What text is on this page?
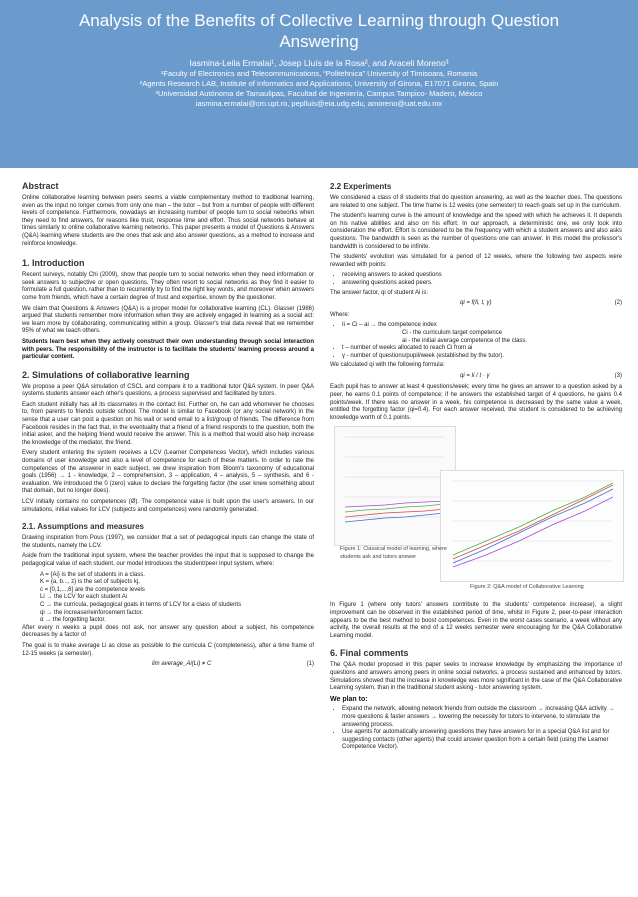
Analysis of the Benefits of Collective Learning through Question Answering
Iasmina-Leila Ermalai¹, Josep Lluís de la Rosa², and Araceli Moreno³
¹Faculty of Electronics and Telecommunications, “Politehnica” University of Timisoara, Romania
²Agents Research LAB, Institute of Informatics and Applications, University of Girona, E17071 Girona, Spain
³Universidad Autónoma de Tamaulipas, Facultad de Ingeniería, Campus Tampico- Madero, México
iasmina.ermalai@cm.upt.ro, peplluis@eia.udg.edu, amoreno@uat.edu.mx
Abstract

Online collaborative learning between peers seems a viable complementary method to traditional learning, even as the input no longer comes from only one man – the tutor – but from a number of people with different levels of competence. Furthermore, nowadays an increasing number of people turn to social networks when they need to find answers, for reasons like trust, response time and effort. Thus social networks behave at times similarly to online collaborative learning networks. This paper presents a model of Questions & Answers (Q&A) learning where students are the ones that ask and also answer questions, as a method to increase and reinforce knowledge.

1. Introduction

Recent surveys, notably Chi (2009), show that people turn to social networks when they need information or seek answers to subjective or open questions. They often resort to social networks as they find it easier to formulate a full question, rather than to recurrently try to find the right key words, and moreover when answers come from friends, which have a certain degree of trust and expertise, known by the questioner.

We claim that Questions & Answers (Q&A) is a proper model for collaborative learning (CL). Glasser (1986) argued that students remember more information when they are actively engaged in learning as a social act: we learn more by collaborating, communicating within a group. Glasser's trial data reveal that we remember 95% of what we teach others.

Students learn best when they actively construct their own understanding through social interaction with peers. The responsibility of the instructor is to facilitate the students' learning process around a particular content.

2. Simulations of collaborative learning

We propose a peer Q&A simulation of CSCL and compare it to a traditional tutor Q&A system. In peer Q&A systems students answer each other's questions, a process supervised and facilitated by tutors.

Each student initially has all its classmates in the contact list. Further on, he can add whomever he chooses to, from parents to friends outside school. The model is similar to Facebook (or any social network) in the sense that a user can post a question on his wall or send email to a list/group of friends. The difference from Facebook resides in the fact that, in the eventuality that a friend of a friend responds to the question, both the initial asker, and the helping friend would receive the answer. This is a method that would also help increase the knowledge of the mediator, the friend.

Every student entering the system receives a LCV (Learner Competences Vector), which includes various domains of user knowledge and also a level of competence for each of these matters. In order to rate the competences of the answerer in each subject, we drew inspiration from Bloom's taxonomy of educational goals (1956) → 1 - knowledge, 2 – comprehension, 3 – application, 4 – analysis, 5 – synthesis, and 6 - evaluation. We introduced the 0 (zero) value to declare the forgetting factor (the user knew something about that domain, but no longer does).

LCV initially contains no competences (Ø). The competence value is built upon the user's answers. In our simulations, initial values for LCV (subjects and competences) were randomly generated.

2.1. Assumptions and measures

Drawing inspiration from Pous (1997), we consider that a set of pedagogical inputs can change the state of the students, namely the LCV.

Aside from the traditional input system, where the teacher provides the input that is supposed to change the pedagogical value of each student, our model introduces the student/peer input system, where:

A = {Ai} is the set of students in a class.
K = {a, b..., z} is the set of subjects kj,
c = [0,1,...,6] are the competence levels
Li → the LCV for each student Ai
C → the curricula, pedagogical goals in terms of LCV for a class of students
qi → the increase/reinforcement factor.
α → the forgetting factor.

After every n weeks a pupil does not ask, nor answer any question about a subject, his competence decreases by a factor of

The goal is to make average Li as close as possible to the curricula C (completeness), after a time frame of 12-15 weeks (a semester).

lim average_Ai(Li) ≠ C	(1)
2.2 Experiments

We considered a class of 8 students that do question answering, as well as the teacher does. The questions are related to one subject. The time frame is 12 weeks (one semester) to reach goals set up in the curriculum.

The student's learning curve is the amount of knowledge and the speed with which he achieves it. It depends on his native abilities and also on his effort. In our approach, a deterministic one, we only took into consideration the effort. Effort is considered to be the frequency with which a student answers and also asks questions. The bandwidth is seen as the number of questions one can answer. In this model the professor's bandwidth is considered to be infinite.

The students' evolution was simulated for a period of 12 weeks, where the following two aspects were rewarded with points:

• receiving answers to asked questions
• answering questions asked peers.

The answer factor, qi of student Ai is:

qi = f(Ii, t, γ)	(2)

Where:

• Ii = Ci – ai → the competence index
Ci - the curriculum target competence
ai - the initial average competence of the class.
• t – number of weeks allocated to reach Ci from ai
• γ - number of questions/pupil/week (established by the tutor).

We calculated qi with the following formula:

qi = Ii / t · γ	(3)

Each pupil has to answer at least 4 questions/week; every time he gives an answer to a question asked by a peer, he earns 0.1 points of competence; if he answers the established target of 4 questions, he gains 0.4 points/week. If there was no answer in a week, his competence is decreased by the same value a week, entitled the forgetting factor (qi=0.4). For each answer received, the student is considered to be achieving knowledge worth of 0.1 points.

Figure 1: Classical model of learning, where students ask and tutors answer
Figure 2: Q&A model of Collaborative Learning

In Figure 1 (where only tutors' answers contribute to the students' competence increase), a slight improvement can be observed in the established period of time, whilst in Figure 2, peer-to-peer interaction appears to be the best method to boost competences. Even in the worst cases scenario, a week without any activity, the overall results at the end of a 12 weeks semester were encouraging for the Q&A Collaborative Learning model.

6. Final comments

The Q&A model proposed in this paper seeks to increase knowledge by emphasizing the importance of questions and answers among peers in online social networks, a process sustained and enhanced by tutors. Simulations showed that the increase in knowledge was more significant in the case of the Q&A Collaborative Learning system, than in the traditional student asking - tutor answering system.

We plan to:

• Expand the network, allowing network friends from outside the classroom → increasing Q&A activity → more questions & faster answers → lowering the necessity for tutors to intervene, to stimulate the answering process.
• Use agents for automatically answering questions they have answers for in a special Q&A list and for suggesting contacts (other agents) that could answer question from a certain field (using the Learner Competence Vector).
